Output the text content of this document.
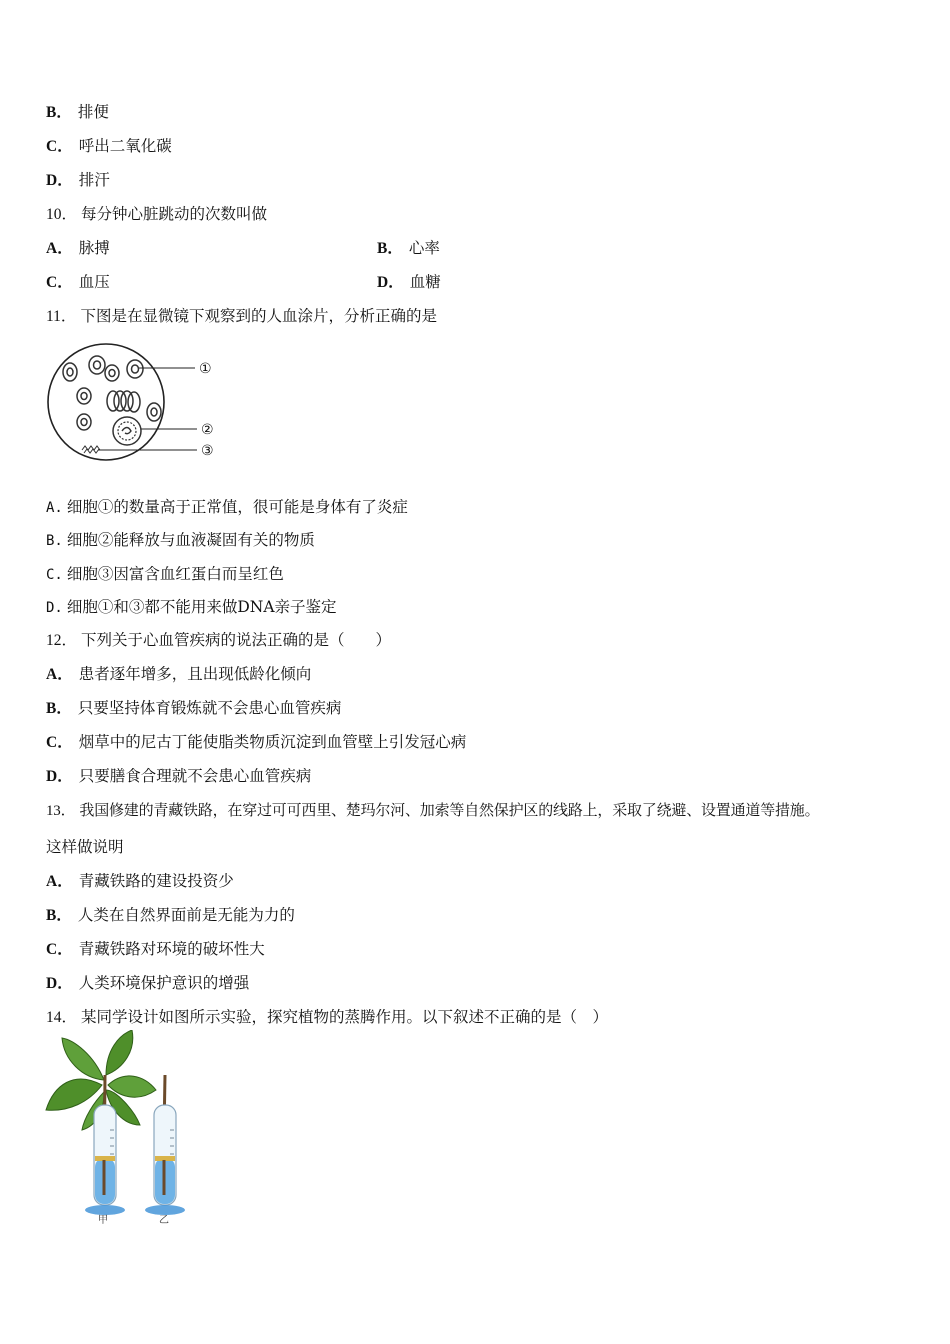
B． 排便
C． 呼出二氧化碳
D． 排汗
10． 每分钟心脏跳动的次数叫做
A． 脉搏	B． 心率
C． 血压	D． 血糖
11． 下图是在显微镜下观察到的人血涂片，分析正确的是
①
②
③
A. 细胞①的数量高于正常值，很可能是身体有了炎症
B. 细胞②能释放与血液凝固有关的物质
C. 细胞③因富含血红蛋白而呈红色
D. 细胞①和③都不能用来做DNA亲子鉴定
12． 下列关于心血管疾病的说法正确的是（　　）
A． 患者逐年增多，且出现低龄化倾向
B． 只要坚持体育锻炼就不会患心血管疾病
C． 烟草中的尼古丁能使脂类物质沉淀到血管壁上引发冠心病
D． 只要膳食合理就不会患心血管疾病
13． 我国修建的青藏铁路，在穿过可可西里、楚玛尔河、加索等自然保护区的线路上，采取了绕避、设置通道等措施。
这样做说明
A． 青藏铁路的建设投资少
B． 人类在自然界面前是无能为力的
C． 青藏铁路对环境的破坏性大
D． 人类环境保护意识的增强
14． 某同学设计如图所示实验，探究植物的蒸腾作用。以下叙述不正确的是（　）
甲	乙
